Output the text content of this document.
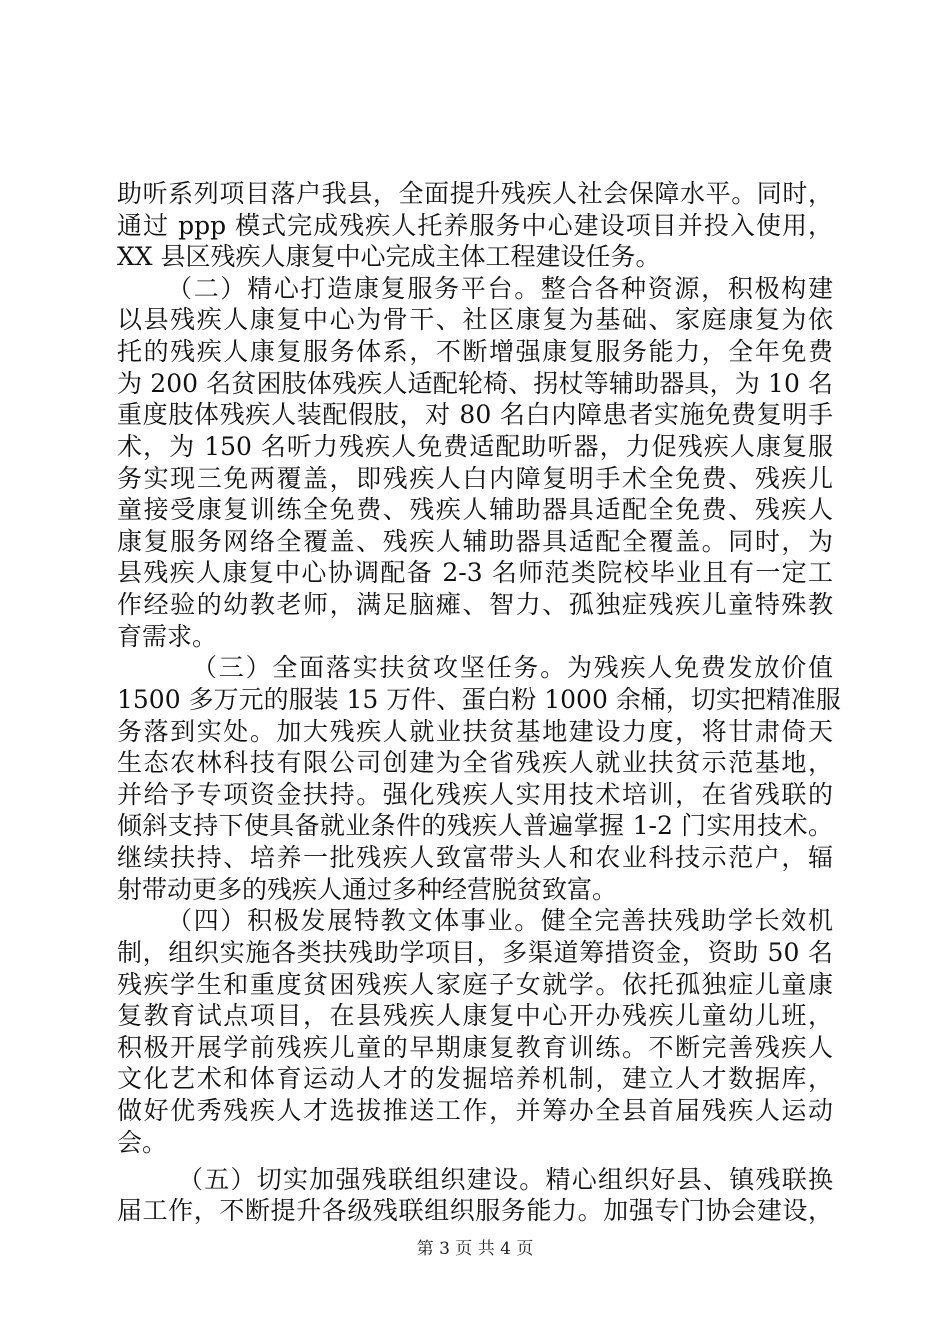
助听系列项目落户我县，全面提升残疾人社会保障水平。同时，
通过 ppp 模式完成残疾人托养服务中心建设项目并投入使用，
XX 县区残疾人康复中心完成主体工程建设任务。
（二）精心打造康复服务平台。整合各种资源，积极构建
以县残疾人康复中心为骨干、社区康复为基础、家庭康复为依
托的残疾人康复服务体系，不断增强康复服务能力，全年免费
为 200 名贫困肢体残疾人适配轮椅、拐杖等辅助器具，为 10 名
重度肢体残疾人装配假肢，对 80 名白内障患者实施免费复明手
术，为 150 名听力残疾人免费适配助听器，力促残疾人康复服
务实现三免两覆盖，即残疾人白内障复明手术全免费、残疾儿
童接受康复训练全免费、残疾人辅助器具适配全免费、残疾人
康复服务网络全覆盖、残疾人辅助器具适配全覆盖。同时，为
县残疾人康复中心协调配备 2-3 名师范类院校毕业且有一定工
作经验的幼教老师，满足脑瘫、智力、孤独症残疾儿童特殊教
育需求。
（三）全面落实扶贫攻坚任务。为残疾人免费发放价值
1500 多万元的服装 15 万件、蛋白粉 1000 余桶，切实把精准服
务落到实处。加大残疾人就业扶贫基地建设力度，将甘肃倚天
生态农林科技有限公司创建为全省残疾人就业扶贫示范基地，
并给予专项资金扶持。强化残疾人实用技术培训，在省残联的
倾斜支持下使具备就业条件的残疾人普遍掌握 1-2 门实用技术。
继续扶持、培养一批残疾人致富带头人和农业科技示范户，辐
射带动更多的残疾人通过多种经营脱贫致富。
（四）积极发展特教文体事业。健全完善扶残助学长效机
制，组织实施各类扶残助学项目，多渠道筹措资金，资助 50 名
残疾学生和重度贫困残疾人家庭子女就学。依托孤独症儿童康
复教育试点项目，在县残疾人康复中心开办残疾儿童幼儿班，
积极开展学前残疾儿童的早期康复教育训练。不断完善残疾人
文化艺术和体育运动人才的发掘培养机制，建立人才数据库，
做好优秀残疾人才选拔推送工作，并筹办全县首届残疾人运动
会。
（五）切实加强残联组织建设。精心组织好县、镇残联换
届工作，不断提升各级残联组织服务能力。加强专门协会建设，
第 3 页 共 4 页
